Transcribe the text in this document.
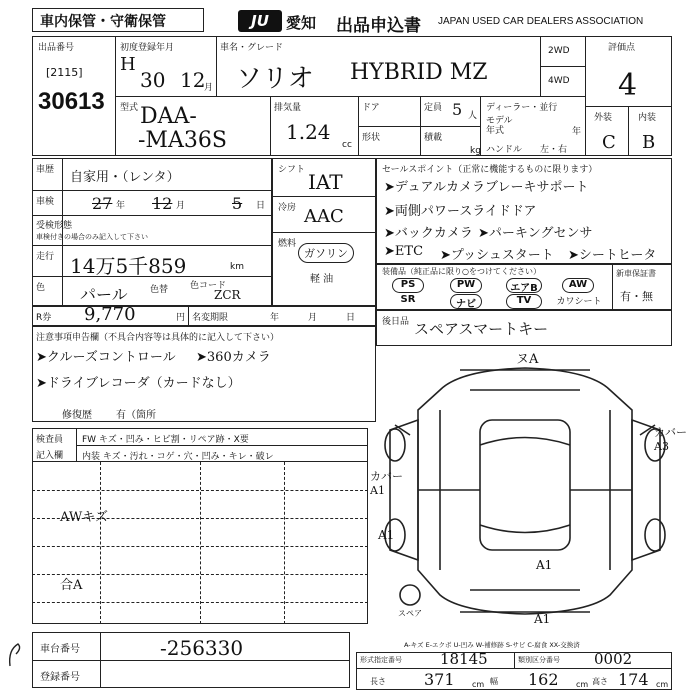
車内保管・守衛保管	JU	愛知 出品申込書 JAPAN USED CAR DEALERS ASSOCIATION
出品番号
[2115]
30613
初度登録年月
H
30 12
月
車名・グレード
ソリオ HYBRID MZ
2WD
4WD
評価点
4
外装	内装
C B
型式 DAA-
-MA36S
排気量
1.24
cc
ドア
形状
定員 5 人
積載
kg
ディーラー・並行
モデル年式	年
ハンドル 左・右
車歴 自家用・（レンタ）
車検 27 年 12 月	5 日
受検形態
車検付きの場合のみ記入して下さい
走行 14万5千859	km
色 パール 色替 色コード
ZCR
シフト IAT
冷房 AAC
燃料
ガソリン
軽 油
セールスポイント（正常に機能するものに限ります）
➤デュアルカメラブレーキサポート
➤両側パワースライドドア
➤バックカメラ ➤パーキングセンサ
➤ETC ➤プッシュスタート ➤シートヒータ
装備品（純正品に限り○をつけてください）
PS	PW	エアB	AW
SR	ナビ	TV	カワシート
新車保証書
有・無
R券 9,770	円 名変期限	年	月	日	後日品 スペアスマートキー
注意事項申告欄（不具合内容等は具体的に記入して下さい）
➤クルーズコントロール ➤360カメラ
➤ドライブレコーダ（カードなし）
修復歴 有（箇所
検査員
記入欄
FW キズ・凹み・ヒビ割・リペア跡・X要
内装 キズ・汚れ・コゲ・穴・凹み・キレ・破レ
AWキズ
合A
ヌA
カバー A3
カバー A1
A1
A1
A1
スペア
A-キズ E-エクボ U-凹み W-補修跡 S-サビ C-腐食 XX-交換済
車台番号	-256330
登録番号
形式指定番号	18145	類別区分番号 0002
長さ 371 cm 幅 162 cm 高さ 174 cm
